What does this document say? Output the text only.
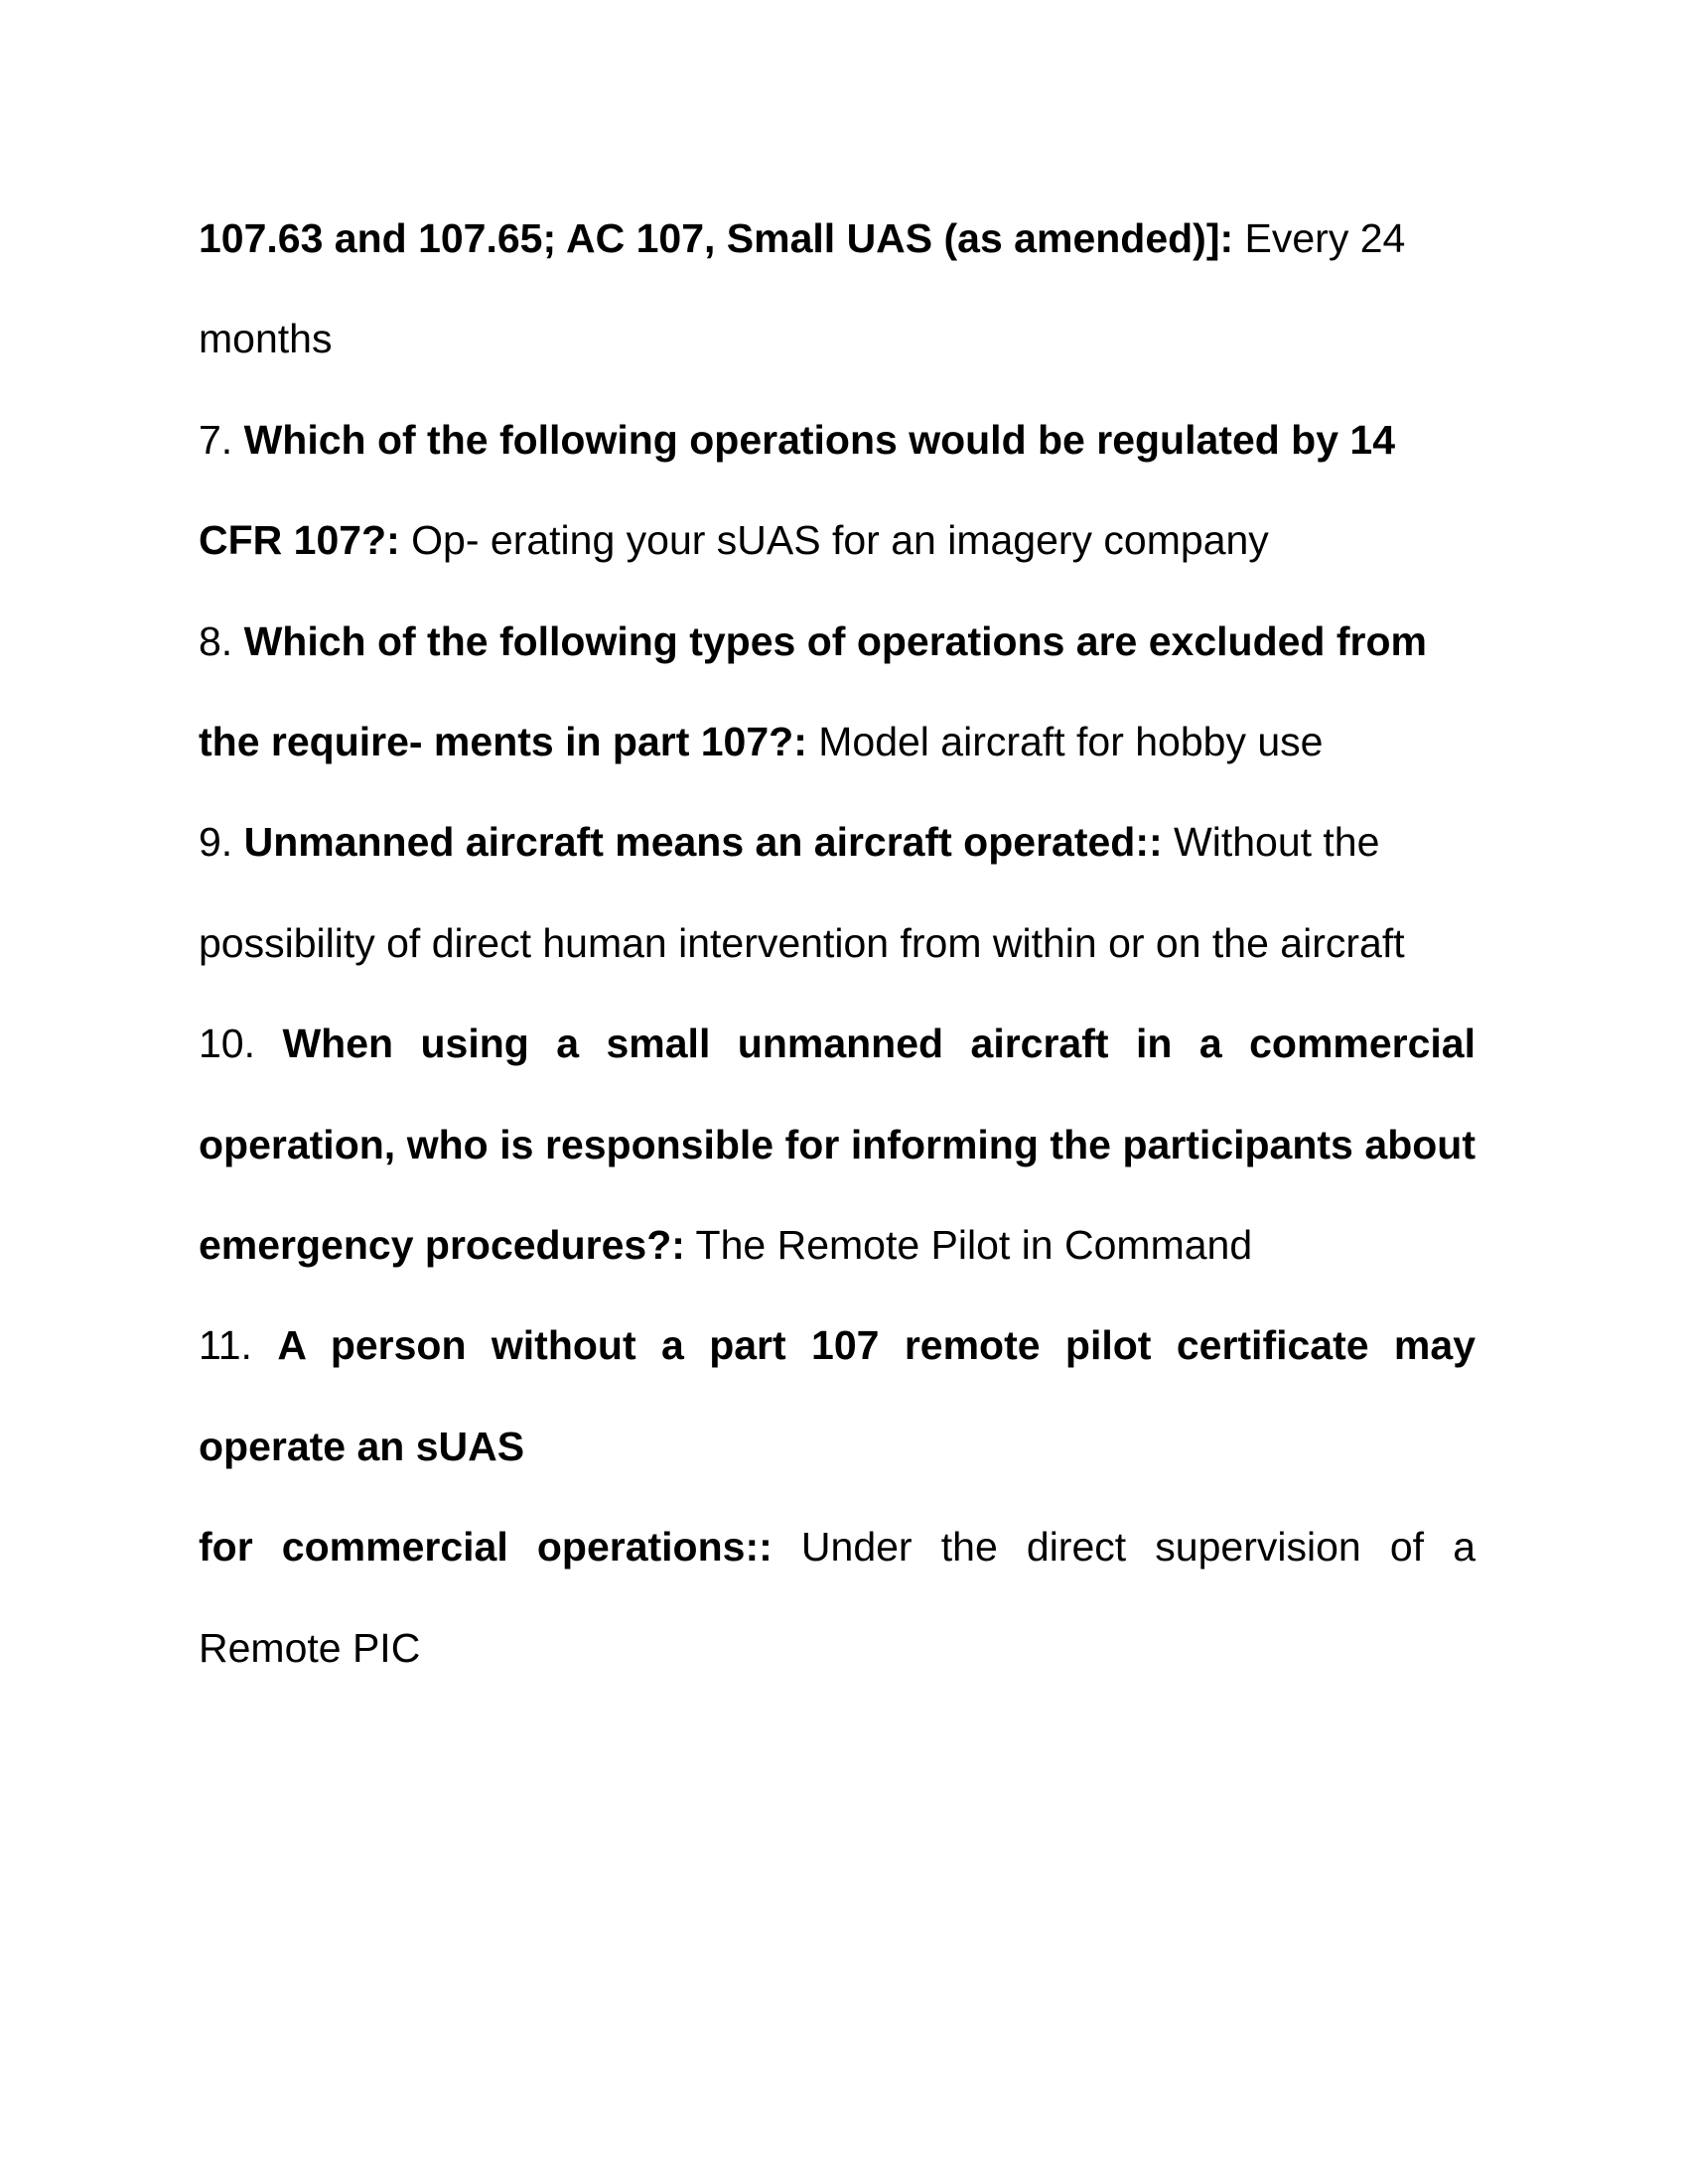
107.63 and 107.65; AC 107, Small UAS (as amended)]: Every 24 months

7. Which of the following operations would be regulated by 14 CFR 107?: Op- erating your sUAS for an imagery company

8. Which of the following types of operations are excluded from the require- ments in part 107?: Model aircraft for hobby use

9. Unmanned aircraft means an aircraft operated:: Without the possibility of direct human intervention from within or on the aircraft

10. When using a small unmanned aircraft in a commercial operation, who is responsible for informing the participants about emergency procedures?: The Remote Pilot in Command

11. A person without a part 107 remote pilot certificate may operate an sUAS

for commercial operations:: Under the direct supervision of a Remote PIC
